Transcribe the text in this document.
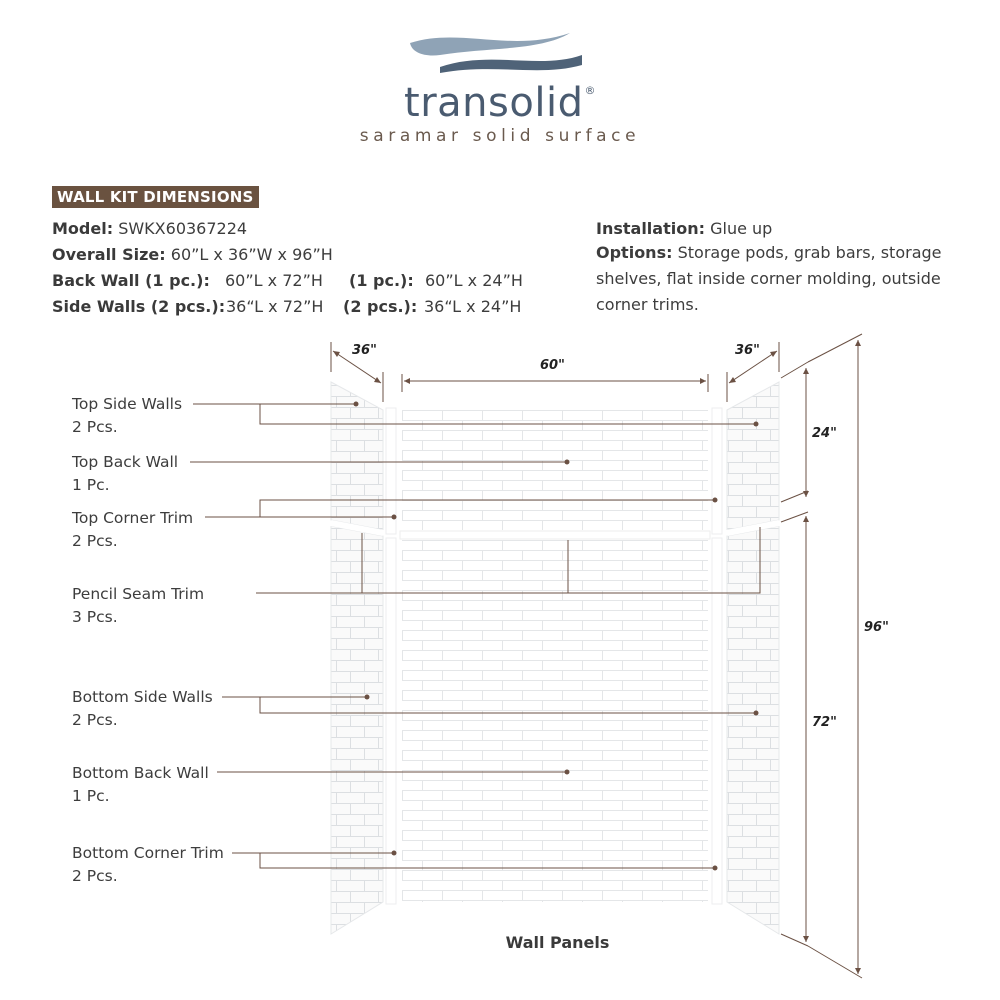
transolid®
saramar solid surface
WALL KIT DIMENSIONS
Model: SWKX60367224
Overall Size: 60”L x 36”W x 96”H
Back Wall (1 pc.): 60”L x 72”H (1 pc.): 60”L x 24”H
Side Walls (2 pcs.): 36“L x 72”H (2 pcs.): 36“L x 24”H
Installation: Glue up
Options: Storage pods, grab bars, storage shelves, flat inside corner molding, outside corner trims.
Top Side Walls
2 Pcs.
Top Back Wall
1 Pc.
Top Corner Trim
2 Pcs.
Pencil Seam Trim
3 Pcs.
Bottom Side Walls
2 Pcs.
Bottom Back Wall
1 Pc.
Bottom Corner Trim
2 Pcs.
36"
60"
36"
24"
72"
96"
Wall Panels
